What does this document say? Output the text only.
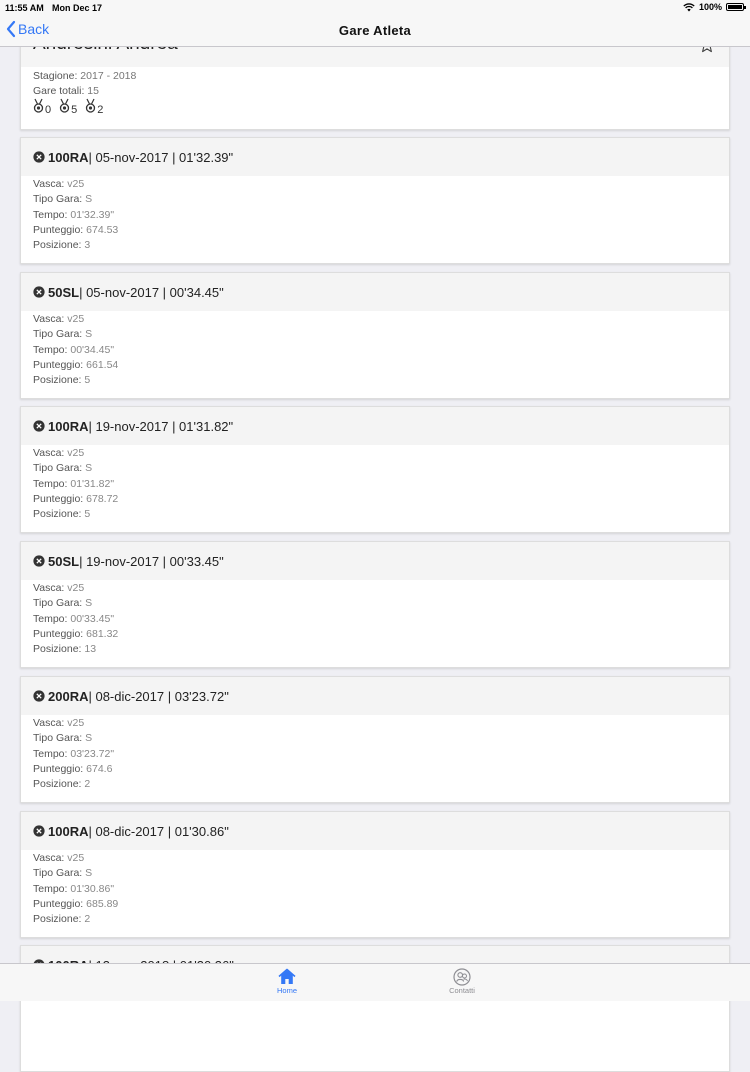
11:55 AM Mon Dec 17	100%
Back	Gare Atleta
Stagione: 2017 - 2018
Gare totali: 15
$_0$ $_5$ $_2$
100RA | 05-nov-2017 | 01'32.39"
Vasca: v25
Tipo Gara: S
Tempo: 01'32.39"
Punteggio: 674.53
Posizione: 3
50SL | 05-nov-2017 | 00'34.45"
Vasca: v25
Tipo Gara: S
Tempo: 00'34.45"
Punteggio: 661.54
Posizione: 5
100RA | 19-nov-2017 | 01'31.82"
Vasca: v25
Tipo Gara: S
Tempo: 01'31.82"
Punteggio: 678.72
Posizione: 5
50SL | 19-nov-2017 | 00'33.45"
Vasca: v25
Tipo Gara: S
Tempo: 00'33.45"
Punteggio: 681.32
Posizione: 13
200RA | 08-dic-2017 | 03'23.72"
Vasca: v25
Tipo Gara: S
Tempo: 03'23.72"
Punteggio: 674.6
Posizione: 2
100RA | 08-dic-2017 | 01'30.86"
Vasca: v25
Tipo Gara: S
Tempo: 01'30.86"
Punteggio: 685.89
Posizione: 2
Home	Contatti
